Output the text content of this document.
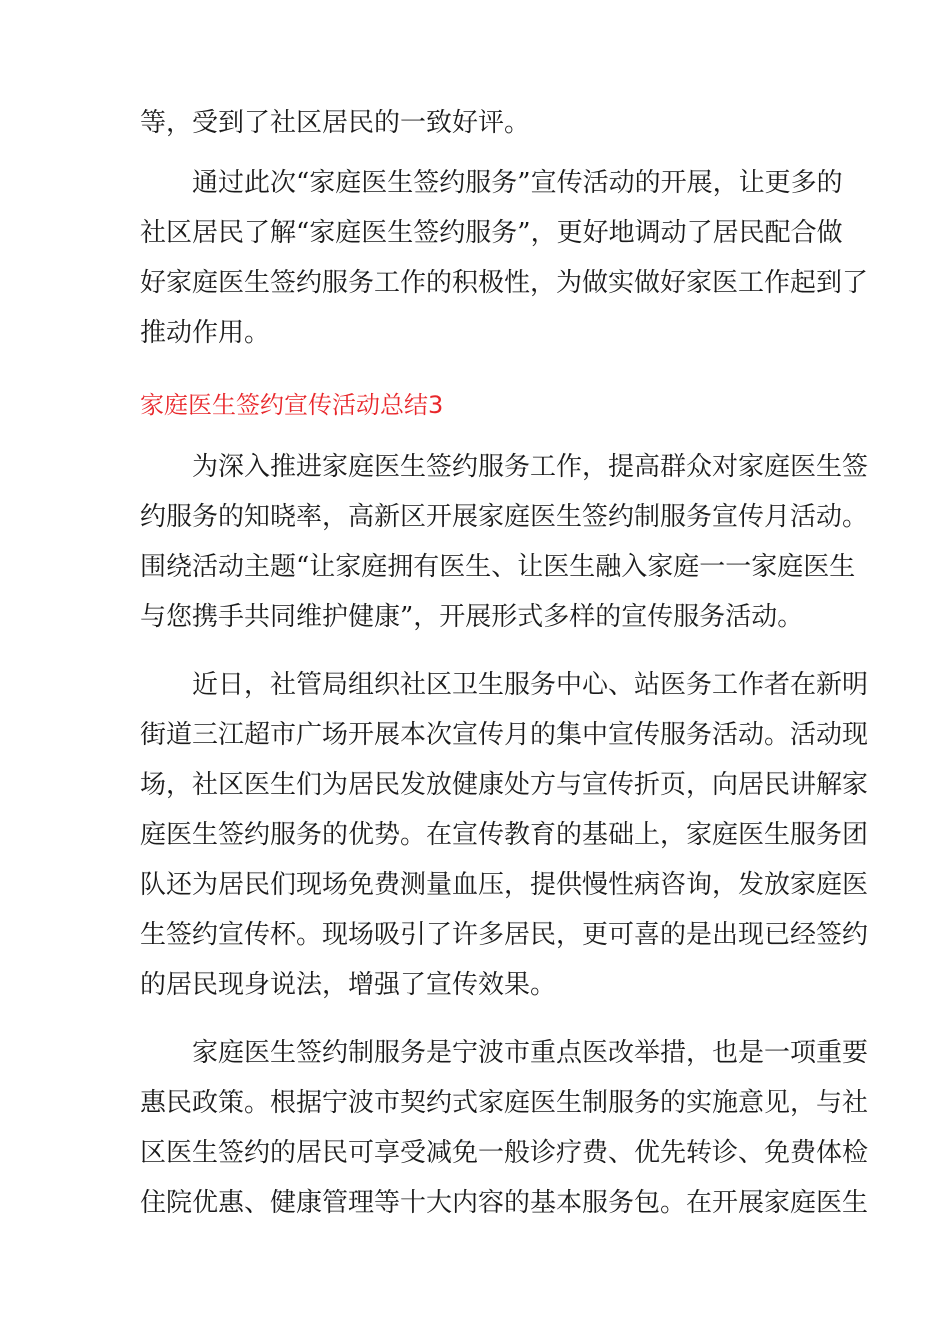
等，受到了社区居民的一致好评。
通过此次“家庭医生签约服务”宣传活动的开展，让更多的
社区居民了解“家庭医生签约服务”，更好地调动了居民配合做
好家庭医生签约服务工作的积极性，为做实做好家医工作起到了
推动作用。
家庭医生签约宣传活动总结3
为深入推进家庭医生签约服务工作，提高群众对家庭医生签
约服务的知晓率，高新区开展家庭医生签约制服务宣传月活动。
围绕活动主题“让家庭拥有医生、让医生融入家庭一一家庭医生
与您携手共同维护健康”，开展形式多样的宣传服务活动。
近日，社管局组织社区卫生服务中心、站医务工作者在新明
街道三江超市广场开展本次宣传月的集中宣传服务活动。活动现
场，社区医生们为居民发放健康处方与宣传折页，向居民讲解家
庭医生签约服务的优势。在宣传教育的基础上，家庭医生服务团
队还为居民们现场免费测量血压，提供慢性病咨询，发放家庭医
生签约宣传杯。现场吸引了许多居民，更可喜的是出现已经签约
的居民现身说法，增强了宣传效果。
家庭医生签约制服务是宁波市重点医改举措，也是一项重要
惠民政策。根据宁波市契约式家庭医生制服务的实施意见，与社
区医生签约的居民可享受减免一般诊疗费、优先转诊、免费体检
住院优惠、健康管理等十大内容的基本服务包。在开展家庭医生
